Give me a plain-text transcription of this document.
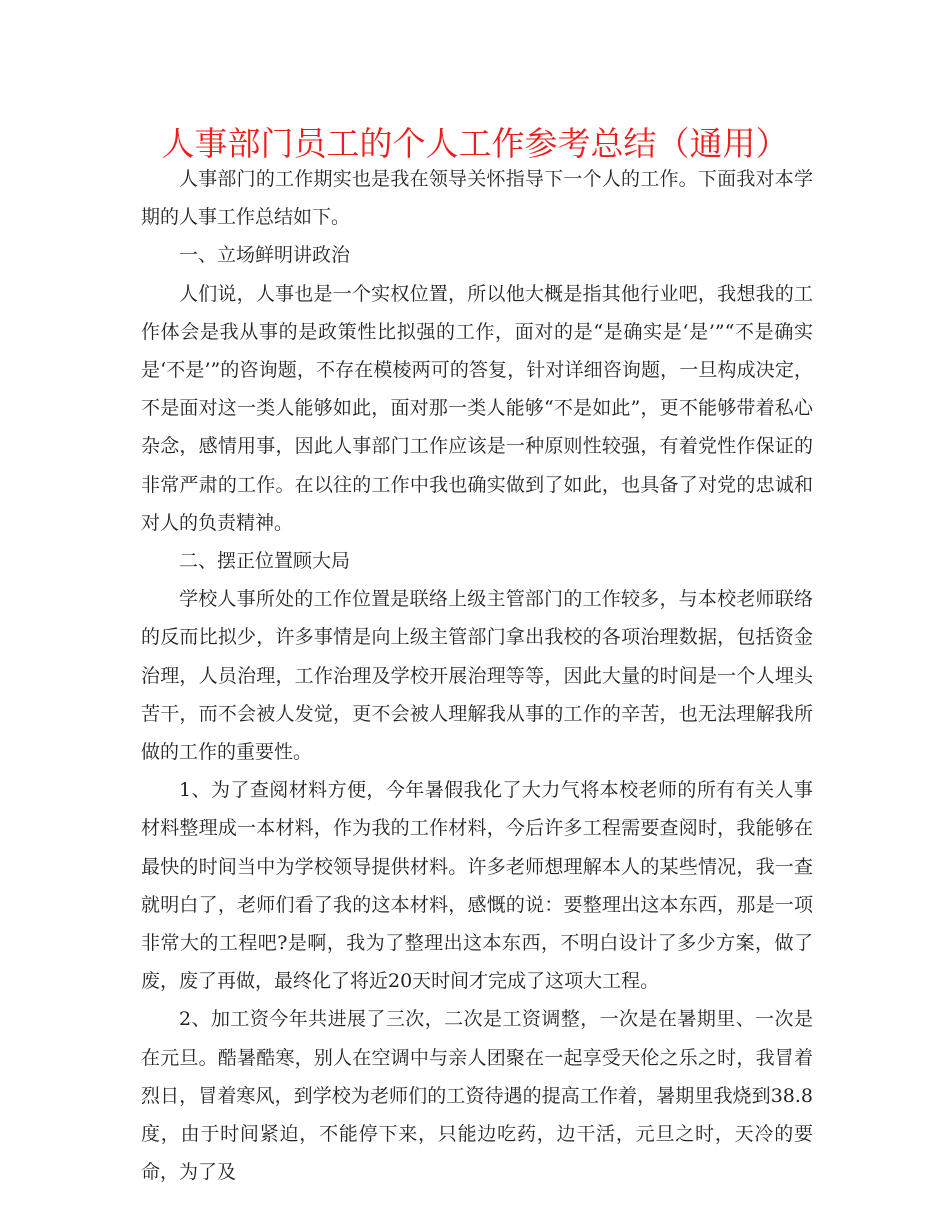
人事部门员工的个人工作参考总结（通用）

人事部门的工作期实也是我在领导关怀指导下一个人的工作。下面我对本学期的人事工作总结如下。

一、立场鲜明讲政治

人们说，人事也是一个实权位置，所以他大概是指其他行业吧，我想我的工作体会是我从事的是政策性比拟强的工作，面对的是“是确实是‘是’”“不是确实是‘不是’”的咨询题，不存在模棱两可的答复，针对详细咨询题，一旦构成决定，不是面对这一类人能够如此，面对那一类人能够“不是如此”，更不能够带着私心杂念，感情用事，因此人事部门工作应该是一种原则性较强，有着党性作保证的非常严肃的工作。在以往的工作中我也确实做到了如此，也具备了对党的忠诚和对人的负责精神。

二、摆正位置顾大局

学校人事所处的工作位置是联络上级主管部门的工作较多，与本校老师联络的反而比拟少，许多事情是向上级主管部门拿出我校的各项治理数据，包括资金治理，人员治理，工作治理及学校开展治理等等，因此大量的时间是一个人埋头苦干，而不会被人发觉，更不会被人理解我从事的工作的辛苦，也无法理解我所做的工作的重要性。

1、为了查阅材料方便，今年暑假我化了大力气将本校老师的所有有关人事材料整理成一本材料，作为我的工作材料，今后许多工程需要查阅时，我能够在最快的时间当中为学校领导提供材料。许多老师想理解本人的某些情况，我一查就明白了，老师们看了我的这本材料，感慨的说：要整理出这本东西，那是一项非常大的工程吧?是啊，我为了整理出这本东西，不明白设计了多少方案，做了废，废了再做，最终化了将近20天时间才完成了这项大工程。

2、加工资今年共进展了三次，二次是工资调整，一次是在暑期里、一次是在元旦。酷暑酷寒，别人在空调中与亲人团聚在一起享受天伦之乐之时，我冒着烈日，冒着寒风，到学校为老师们的工资待遇的提高工作着，暑期里我烧到38.8度，由于时间紧迫，不能停下来，只能边吃药，边干活，元旦之时，天冷的要命，为了及
